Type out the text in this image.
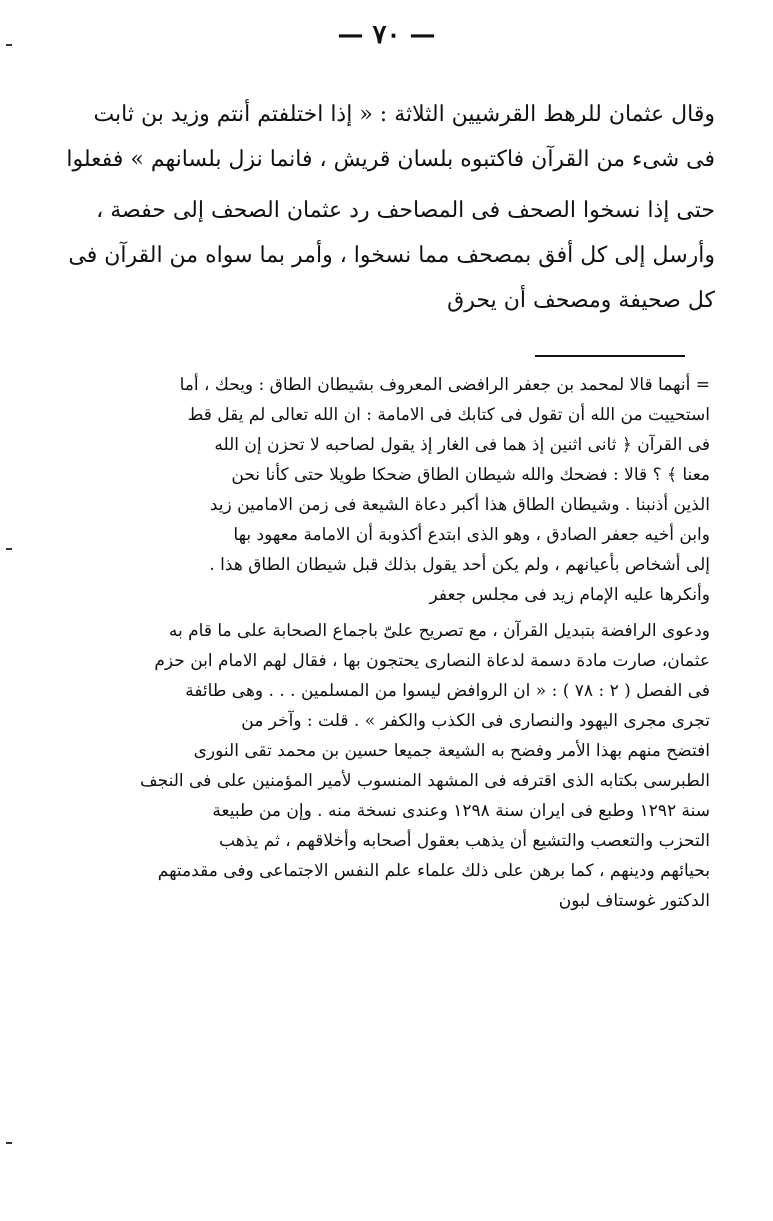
— ٧٠ —

وقال عثمان للرهط القرشيين الثلاثة : « إذا اختلفتم أنتم وزيد بن ثابت
فى شىء من القرآن فاكتبوه بلسان قريش ، فانما نزل بلسانهم » ففعلوا

حتى إذا نسخوا الصحف فى المصاحف رد عثمان الصحف إلى حفصة ،
وأرسل إلى كل أفق بمصحف مما نسخوا ، وأمر بما سواه من القرآن فى
كل صحيفة ومصحف أن يحرق

= أنهما قالا لمحمد بن جعفر الرافضى المعروف بشيطان الطاق : ويحك ، أما
استحييت من الله أن تقول فى كتابك فى الامامة : ان الله تعالى لم يقل قط
فى القرآن ﴿ ثانى اثنين إذ هما فى الغار إذ يقول لصاحبه لا تحزن إن الله
معنا ﴾ ؟ قالا : فضحك والله شيطان الطاق ضحكا طويلا حتى كأنا نحن
الذين أذنبنا . وشيطان الطاق هذا أكبر دعاة الشيعة فى زمن الامامين زيد
وابن أخيه جعفر الصادق ، وهو الذى ابتدع أكذوبة أن الامامة معهود بها
إلى أشخاص بأعيانهم ، ولم يكن أحد يقول بذلك قبل شيطان الطاق هذا .
وأنكرها عليه الإمام زيد فى مجلس جعفر

ودعوى الرافضة بتبديل القرآن ، مع تصريح علىّ باجماع الصحابة على ما قام به
عثمان، صارت مادة دسمة لدعاة النصارى يحتجون بها ، فقال لهم الامام ابن حزم
فى الفصل ( ٢ : ٧٨ ) : « ان الروافض ليسوا من المسلمين . . . وهى طائفة
تجرى مجرى اليهود والنصارى فى الكذب والكفر » . قلت : وآخر من
افتضح منهم بهذا الأمر وفضح به الشيعة جميعا حسين بن محمد تقى النورى
الطبرسى بكتابه الذى اقترفه فى المشهد المنسوب لأمير المؤمنين على فى النجف
سنة ١٢٩٢ وطبع فى ايران سنة ١٢٩٨ وعندى نسخة منه . وإن من طبيعة
التحزب والتعصب والتشيع أن يذهب بعقول أصحابه وأخلاقهم ، ثم يذهب
بحيائهم ودينهم ، كما برهن على ذلك علماء علم النفس الاجتماعى وفى مقدمتهم
الدكتور غوستاف لبون
